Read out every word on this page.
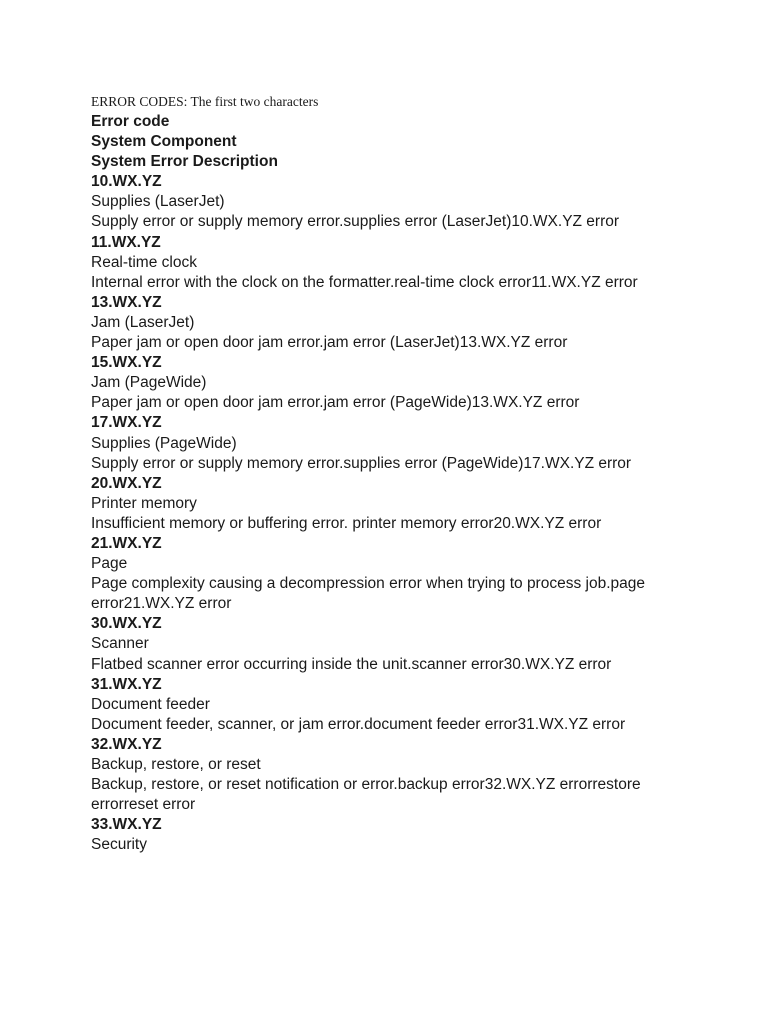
ERROR CODES: The first two characters
Error code
System Component
System Error Description
10.WX.YZ
Supplies (LaserJet)
Supply error or supply memory error.supplies error (LaserJet)10.WX.YZ error
11.WX.YZ
Real-time clock
Internal error with the clock on the formatter.real-time clock error11.WX.YZ error
13.WX.YZ
Jam (LaserJet)
Paper jam or open door jam error.jam error (LaserJet)13.WX.YZ error
15.WX.YZ
Jam (PageWide)
Paper jam or open door jam error.jam error (PageWide)13.WX.YZ error
17.WX.YZ
Supplies (PageWide)
Supply error or supply memory error.supplies error (PageWide)17.WX.YZ error
20.WX.YZ
Printer memory
Insufficient memory or buffering error. printer memory error20.WX.YZ error
21.WX.YZ
Page
Page complexity causing a decompression error when trying to process job.page error21.WX.YZ error
30.WX.YZ
Scanner
Flatbed scanner error occurring inside the unit.scanner error30.WX.YZ error
31.WX.YZ
Document feeder
Document feeder, scanner, or jam error.document feeder error31.WX.YZ error
32.WX.YZ
Backup, restore, or reset
Backup, restore, or reset notification or error.backup error32.WX.YZ errorrestore errorreset error
33.WX.YZ
Security
